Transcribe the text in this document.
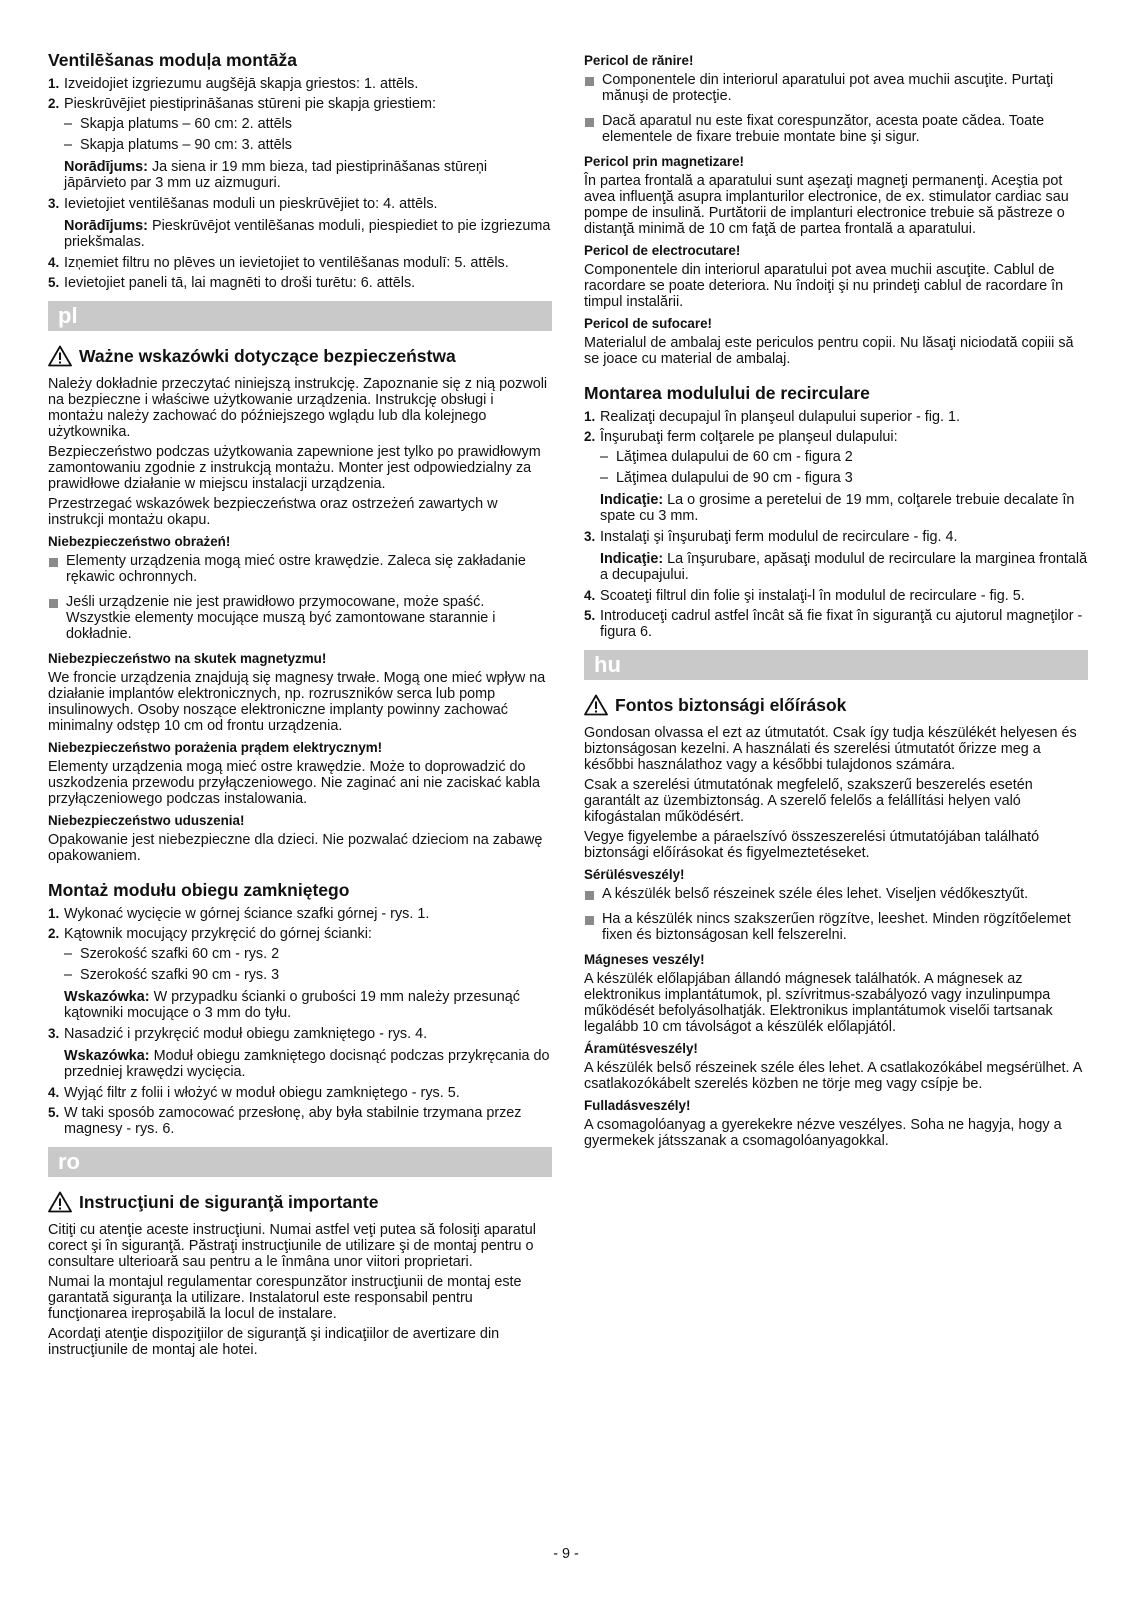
Ventilēšanas moduļa montāža
1. Izveidojiet izgriezumu augšējā skapja griestos: 1. attēls.
2. Pieskrūvējiet piestiprināšanas stūreni pie skapja griestiem:
– Skapja platums – 60 cm: 2. attēls
– Skapja platums – 90 cm: 3. attēls
Norādījums: Ja siena ir 19 mm bieza, tad piestiprināšanas stūreņi jāpārvieto par 3 mm uz aizmuguri.
3. Ievietojiet ventilēšanas moduli un pieskrūvējiet to: 4. attēls.
Norādījums: Pieskrūvējot ventilēšanas moduli, piespiediet to pie izgriezuma priekšmalas.
4. Izņemiet filtru no plēves un ievietojiet to ventilēšanas modulī: 5. attēls.
5. Ievietojiet paneli tā, lai magnēti to droši turētu: 6. attēls.
pl
Ważne wskazówki dotyczące bezpieczeństwa

Należy dokładnie przeczytać niniejszą instrukcję. Zapoznanie się z nią pozwoli na bezpieczne i właściwe użytkowanie urządzenia. Instrukcję obsługi i montażu należy zachować do późniejszego wglądu lub dla kolejnego użytkownika.

Bezpieczeństwo podczas użytkowania zapewnione jest tylko po prawidłowym zamontowaniu zgodnie z instrukcją montażu. Monter jest odpowiedzialny za prawidłowe działanie w miejscu instalacji urządzenia.

Przestrzegać wskazówek bezpieczeństwa oraz ostrzeżeń zawartych w instrukcji montażu okapu.

Niebezpieczeństwo obrażeń!
Elementy urządzenia mogą mieć ostre krawędzie. Zaleca się zakładanie rękawic ochronnych.
Jeśli urządzenie nie jest prawidłowo przymocowane, może spaść. Wszystkie elementy mocujące muszą być zamontowane starannie i dokładnie.
Niebezpieczeństwo na skutek magnetyzmu!

We froncie urządzenia znajdują się magnesy trwałe. Mogą one mieć wpływ na działanie implantów elektronicznych, np. rozruszników serca lub pomp insulinowych. Osoby noszące elektroniczne implanty powinny zachować minimalny odstęp 10 cm od frontu urządzenia.

Niebezpieczeństwo porażenia prądem elektrycznym!

Elementy urządzenia mogą mieć ostre krawędzie. Może to doprowadzić do uszkodzenia przewodu przyłączeniowego. Nie zaginać ani nie zaciskać kabla przyłączeniowego podczas instalowania.

Niebezpieczeństwo uduszenia!

Opakowanie jest niebezpieczne dla dzieci. Nie pozwalać dzieciom na zabawę opakowaniem.

Montaż modułu obiegu zamkniętego
1. Wykonać wycięcie w górnej ściance szafki górnej - rys. 1.
2. Kątownik mocujący przykręcić do górnej ścianki:
– Szerokość szafki 60 cm - rys. 2
– Szerokość szafki 90 cm - rys. 3
Wskazówka: W przypadku ścianki o grubości 19 mm należy przesunąć kątowniki mocujące o 3 mm do tyłu.
3. Nasadzić i przykręcić moduł obiegu zamkniętego - rys. 4.
Wskazówka: Moduł obiegu zamkniętego docisnąć podczas przykręcania do przedniej krawędzi wycięcia.
4. Wyjąć filtr z folii i włożyć w moduł obiegu zamkniętego - rys. 5.
5. W taki sposób zamocować przesłonę, aby była stabilnie trzymana przez magnesy - rys. 6.
ro
Instrucţiuni de siguranţă importante

Citiţi cu atenţie aceste instrucţiuni. Numai astfel veţi putea să folosiţi aparatul corect şi în siguranţă. Păstraţi instrucţiunile de utilizare şi de montaj pentru o consultare ulterioară sau pentru a le înmâna unor viitori proprietari.

Numai la montajul regulamentar corespunzător instrucţiunii de montaj este garantată siguranţa la utilizare. Instalatorul este responsabil pentru funcţionarea ireproşabilă la locul de instalare.

Acordaţi atenţie dispoziţiilor de siguranţă şi indicaţiilor de avertizare din instrucţiunile de montaj ale hotei.

Pericol de rănire!
Componentele din interiorul aparatului pot avea muchii ascuţite. Purtaţi mănuşi de protecţie.
Dacă aparatul nu este fixat corespunzător, acesta poate cădea. Toate elementele de fixare trebuie montate bine şi sigur.
Pericol prin magnetizare!

În partea frontală a aparatului sunt aşezaţi magneţi permanenţi. Aceştia pot avea influenţă asupra implanturilor electronice, de ex. stimulator cardiac sau pompe de insulină. Purtătorii de implanturi electronice trebuie să păstreze o distanţă minimă de 10 cm faţă de partea frontală a aparatului.

Pericol de electrocutare!

Componentele din interiorul aparatului pot avea muchii ascuţite. Cablul de racordare se poate deteriora. Nu îndoiţi şi nu prindeţi cablul de racordare în timpul instalării.

Pericol de sufocare!

Materialul de ambalaj este periculos pentru copii. Nu lăsaţi niciodată copiii să se joace cu material de ambalaj.

Montarea modulului de recirculare
1. Realizaţi decupajul în planşeul dulapului superior - fig. 1.
2. Înşurubaţi ferm colţarele pe planşeul dulapului:
– Lăţimea dulapului de 60 cm - figura 2
– Lăţimea dulapului de 90 cm - figura 3
Indicaţie: La o grosime a peretelui de 19 mm, colţarele trebuie decalate în spate cu 3 mm.
3. Instalaţi şi înşurubaţi ferm modulul de recirculare - fig. 4.
Indicaţie: La înşurubare, apăsaţi modulul de recirculare la marginea frontală a decupajului.
4. Scoateţi filtrul din folie şi instalaţi-l în modulul de recirculare - fig. 5.
5. Introduceţi cadrul astfel încât să fie fixat în siguranţă cu ajutorul magneţilor - figura 6.
hu
Fontos biztonsági előírások

Gondosan olvassa el ezt az útmutatót. Csak így tudja készülékét helyesen és biztonságosan kezelni. A használati és szerelési útmutatót őrizze meg a későbbi használathoz vagy a későbbi tulajdonos számára.

Csak a szerelési útmutatónak megfelelő, szakszerű beszerelés esetén garantált az üzembiztonság. A szerelő felelős a felállítási helyen való kifogástalan működésért.

Vegye figyelembe a páraelszívó összeszerelési útmutatójában található biztonsági előírásokat és figyelmeztetéseket.

Sérülésveszély!
A készülék belső részeinek széle éles lehet. Viseljen védőkesztyűt.
Ha a készülék nincs szakszerűen rögzítve, leeshet. Minden rögzítőelemet fixen és biztonságosan kell felszerelni.
Mágneses veszély!

A készülék előlapjában állandó mágnesek találhatók. A mágnesek az elektronikus implantátumok, pl. szívritmus-szabályozó vagy inzulinpumpa működését befolyásolhatják. Elektronikus implantátumok viselői tartsanak legalább 10 cm távolságot a készülék előlapjától.

Áramütésveszély!

A készülék belső részeinek széle éles lehet. A csatlakozókábel megsérülhet. A csatlakozókábelt szerelés közben ne törje meg vagy csípje be.

Fulladásveszély!

A csomagolóanyag a gyerekekre nézve veszélyes. Soha ne hagyja, hogy a gyermekek játsszanak a csomagolóanyagokkal.

- 9 -
